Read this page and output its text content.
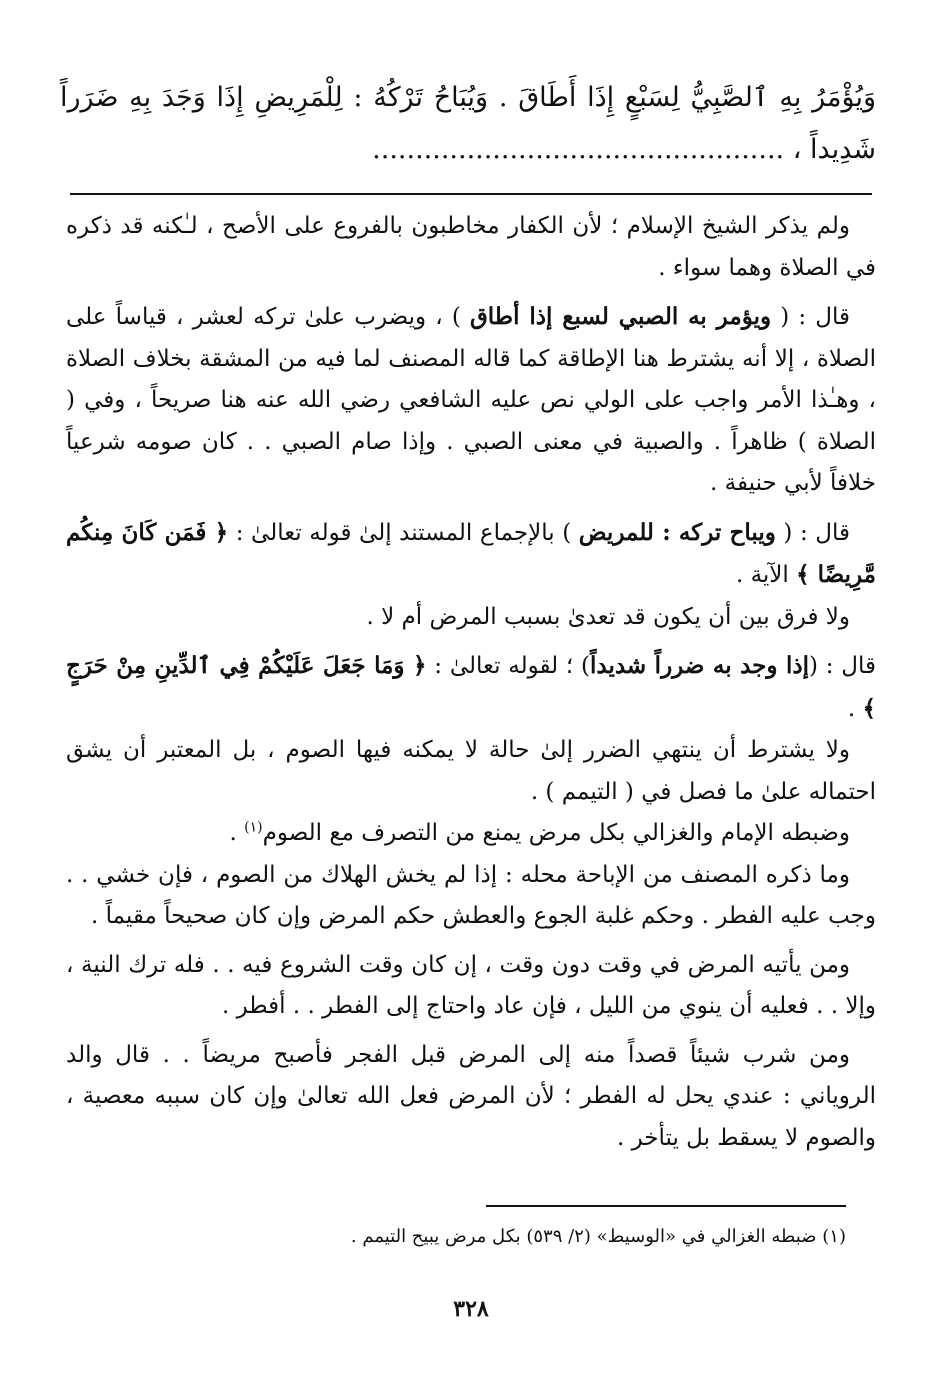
وَيُؤْمَرُ بِهِ ٱلصَّبِيُّ لِسَبْعٍ إِذَا أَطَاقَ . وَيُبَاحُ تَرْكُهُ : لِلْمَرِيضِ إِذَا وَجَدَ بِهِ ضَرَراً شَدِيداً ، ................................................

ولم يذكر الشيخ الإسلام ؛ لأن الكفار مخاطبون بالفروع على الأصح ، لـٰكنه قد ذكره في الصلاة وهما سواء .

قال : ( ويؤمر به الصبي لسبع إذا أطاق ) ، ويضرب علىٰ تركه لعشر ، قياساً على الصلاة ، إلا أنه يشترط هنا الإطاقة كما قاله المصنف لما فيه من المشقة بخلاف الصلاة ، وهـٰذا الأمر واجب على الولي نص عليه الشافعي رضي الله عنه هنا صريحاً ، وفي ( الصلاة ) ظاهراً . والصبية في معنى الصبي . وإذا صام الصبي . . كان صومه شرعياً خلافاً لأبي حنيفة .

قال : ( ويباح تركه : للمريض ) بالإجماع المستند إلىٰ قوله تعالىٰ : ﴿ فَمَن كَانَ مِنكُم مَّرِيضًا ﴾ الآية .

ولا فرق بين أن يكون قد تعدىٰ بسبب المرض أم لا .

قال : (إذا وجد به ضرراً شديداً) ؛ لقوله تعالىٰ : ﴿ وَمَا جَعَلَ عَلَيْكُمْ فِي ٱلدِّينِ مِنْ حَرَجٍ ﴾ .

ولا يشترط أن ينتهي الضرر إلىٰ حالة لا يمكنه فيها الصوم ، بل المعتبر أن يشق احتماله علىٰ ما فصل في ( التيمم ) .

وضبطه الإمام والغزالي بكل مرض يمنع من التصرف مع الصوم$^{(١)}$ .

وما ذكره المصنف من الإباحة محله : إذا لم يخش الهلاك من الصوم ، فإن خشي . . وجب عليه الفطر . وحكم غلبة الجوع والعطش حكم المرض وإن كان صحيحاً مقيماً .

ومن يأتيه المرض في وقت دون وقت ، إن كان وقت الشروع فيه . . فله ترك النية ، وإلا . . فعليه أن ينوي من الليل ، فإن عاد واحتاج إلى الفطر . . أفطر .

ومن شرب شيئاً قصداً منه إلى المرض قبل الفجر فأصبح مريضاً . . قال والد الروياني : عندي يحل له الفطر ؛ لأن المرض فعل الله تعالىٰ وإن كان سببه معصية ، والصوم لا يسقط بل يتأخر .

(١) ضبطه الغزالي في «الوسيط» (٢/ ٥٣٩) بكل مرض يبيح التيمم .
٣٢٨
